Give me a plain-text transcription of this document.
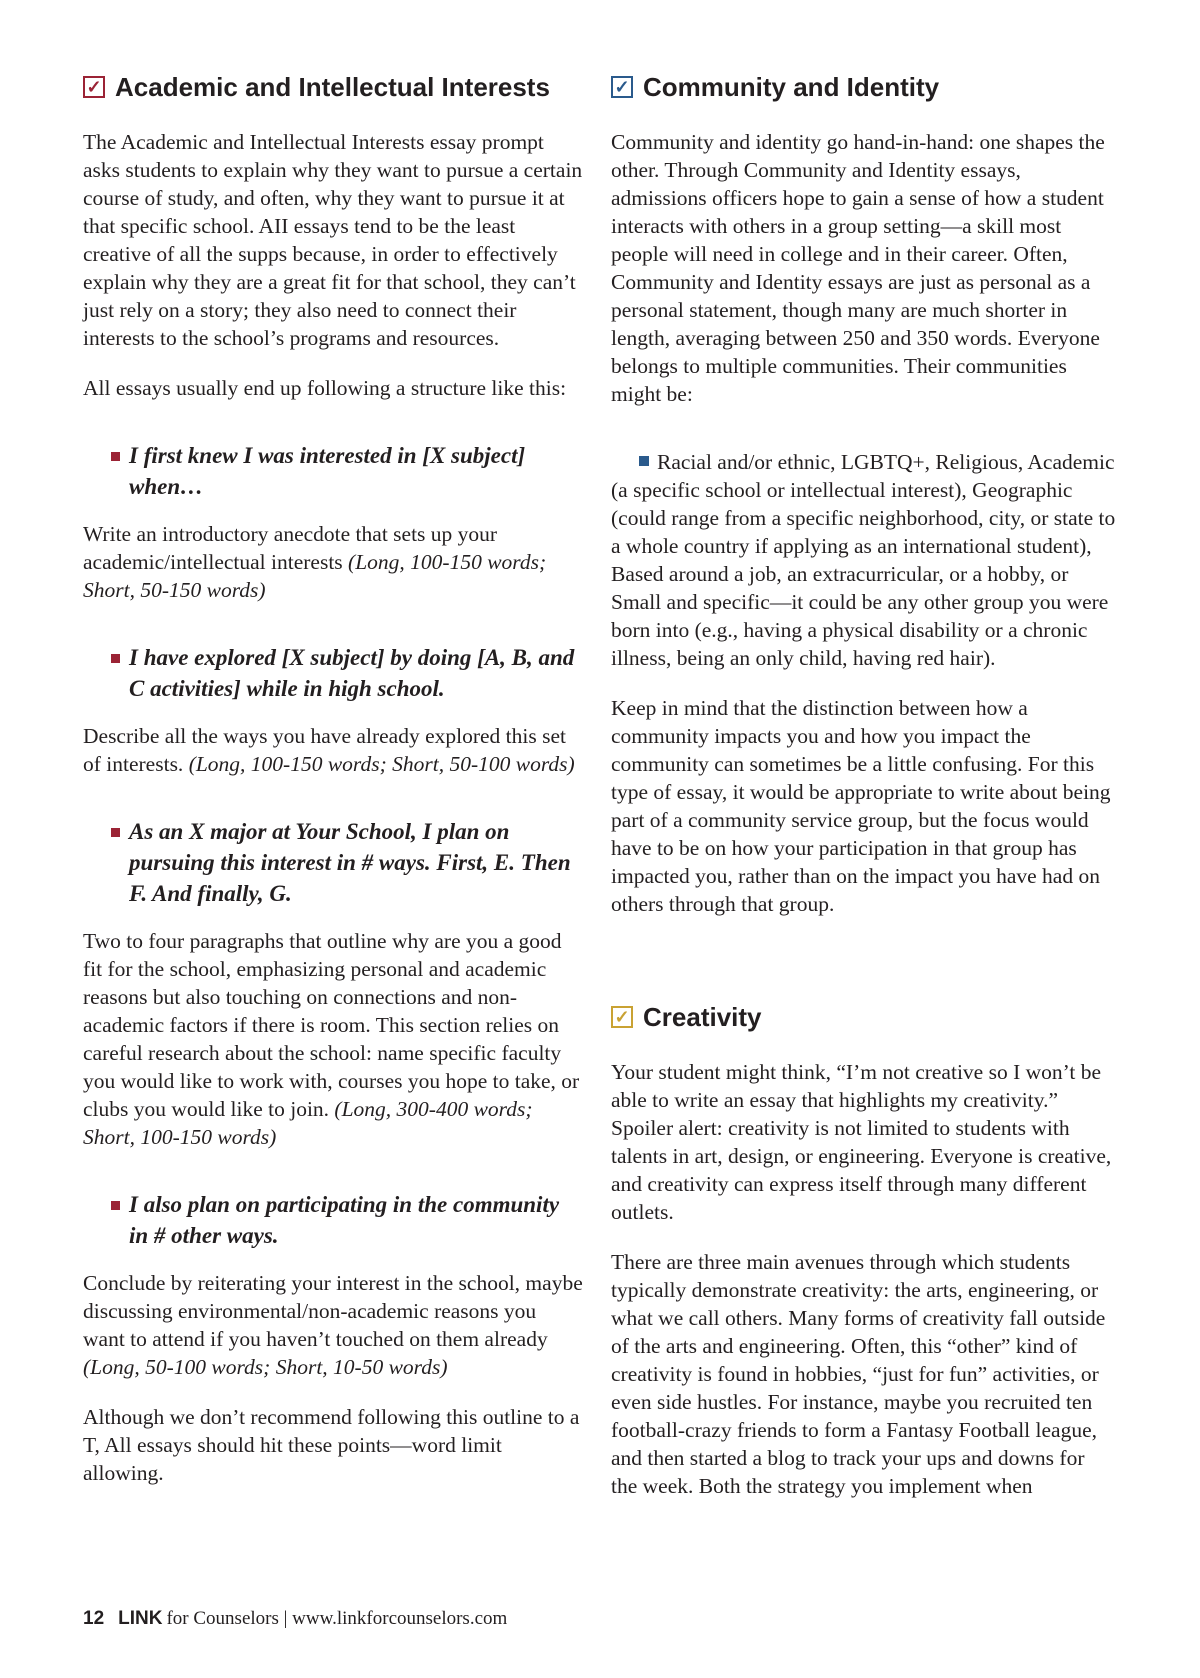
✓ Academic and Intellectual Interests

The Academic and Intellectual Interests essay prompt asks students to explain why they want to pursue a certain course of study, and often, why they want to pursue it at that specific school. AII essays tend to be the least creative of all the supps because, in order to effectively explain why they are a great fit for that school, they can’t just rely on a story; they also need to connect their interests to the school’s programs and resources.

All essays usually end up following a structure like this:

I first knew I was interested in [X subject] when…

Write an introductory anecdote that sets up your academic/intellectual interests (Long, 100-150 words; Short, 50-150 words)

I have explored [X subject] by doing [A, B, and C activities] while in high school.

Describe all the ways you have already explored this set of interests. (Long, 100-150 words; Short, 50-100 words)

As an X major at Your School, I plan on pursuing this interest in # ways. First, E. Then F. And finally, G.

Two to four paragraphs that outline why are you a good fit for the school, emphasizing personal and academic reasons but also touching on connections and non-academic factors if there is room. This section relies on careful research about the school: name specific faculty you would like to work with, courses you hope to take, or clubs you would like to join. (Long, 300-400 words; Short, 100-150 words)

I also plan on participating in the community in # other ways.

Conclude by reiterating your interest in the school, maybe discussing environmental/non-academic reasons you want to attend if you haven’t touched on them already (Long, 50-100 words; Short, 10-50 words)

Although we don’t recommend following this outline to a T, All essays should hit these points—word limit allowing.

✓ Community and Identity

Community and identity go hand-in-hand: one shapes the other. Through Community and Identity essays, admissions officers hope to gain a sense of how a student interacts with others in a group setting—a skill most people will need in college and in their career. Often, Community and Identity essays are just as personal as a personal statement, though many are much shorter in length, averaging between 250 and 350 words. Everyone belongs to multiple communities. Their communities might be:

Racial and/or ethnic, LGBTQ+, Religious, Academic (a specific school or intellectual interest), Geographic (could range from a specific neighborhood, city, or state to a whole country if applying as an international student), Based around a job, an extracurricular, or a hobby, or Small and specific—it could be any other group you were born into (e.g., having a physical disability or a chronic illness, being an only child, having red hair).

Keep in mind that the distinction between how a community impacts you and how you impact the community can sometimes be a little confusing. For this type of essay, it would be appropriate to write about being part of a community service group, but the focus would have to be on how your participation in that group has impacted you, rather than on the impact you have had on others through that group.

✓ Creativity

Your student might think, “I’m not creative so I won’t be able to write an essay that highlights my creativity.” Spoiler alert: creativity is not limited to students with talents in art, design, or engineering. Everyone is creative, and creativity can express itself through many different outlets.

There are three main avenues through which students typically demonstrate creativity: the arts, engineering, or what we call others. Many forms of creativity fall outside of the arts and engineering. Often, this “other” kind of creativity is found in hobbies, “just for fun” activities, or even side hustles. For instance, maybe you recruited ten football-crazy friends to form a Fantasy Football league, and then started a blog to track your ups and downs for the week. Both the strategy you implement when

12 LINK for Counselors | www.linkforcounselors.com
